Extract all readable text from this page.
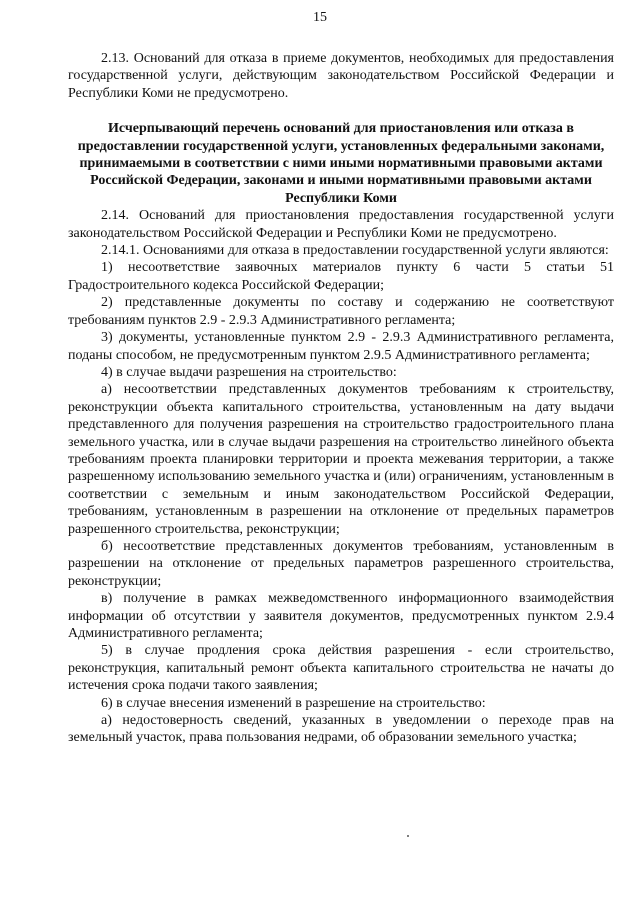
15

2.13. Оснований для отказа в приеме документов, необходимых для предоставления государственной услуги, действующим законодательством Российской Федерации и Республики Коми не предусмотрено.

Исчерпывающий перечень оснований для приостановления или отказа в предоставлении государственной услуги, установленных федеральными законами, принимаемыми в соответствии с ними иными нормативными правовыми актами Российской Федерации, законами и иными нормативными правовыми актами Республики Коми

2.14. Оснований для приостановления предоставления государственной услуги законодательством Российской Федерации и Республики Коми не предусмотрено.

2.14.1. Основаниями для отказа в предоставлении государственной услуги являются:

1) несоответствие заявочных материалов пункту 6 части 5 статьи 51 Градостроительного кодекса Российской Федерации;

2) представленные документы по составу и содержанию не соответствуют требованиям пунктов 2.9 - 2.9.3 Административного регламента;

3) документы, установленные пунктом 2.9 - 2.9.3 Административного регламента, поданы способом, не предусмотренным пунктом 2.9.5 Административного регламента;

4) в случае выдачи разрешения на строительство:

а) несоответствии представленных документов требованиям к строительству, реконструкции объекта капитального строительства, установленным на дату выдачи представленного для получения разрешения на строительство градостроительного плана земельного участка, или в случае выдачи разрешения на строительство линейного объекта требованиям проекта планировки территории и проекта межевания территории, а также разрешенному использованию земельного участка и (или) ограничениям, установленным в соответствии с земельным и иным законодательством Российской Федерации, требованиям, установленным в разрешении на отклонение от предельных параметров разрешенного строительства, реконструкции;

б) несоответствие представленных документов требованиям, установленным в разрешении на отклонение от предельных параметров разрешенного строительства, реконструкции;

в) получение в рамках межведомственного информационного взаимодействия информации об отсутствии у заявителя документов, предусмотренных пунктом 2.9.4 Административного регламента;

5) в случае продления срока действия разрешения - если строительство, реконструкция, капитальный ремонт объекта капитального строительства не начаты до истечения срока подачи такого заявления;

6) в случае внесения изменений в разрешение на строительство:

а) недостоверность сведений, указанных в уведомлении о переходе прав на земельный участок, права пользования недрами, об образовании земельного участка;
